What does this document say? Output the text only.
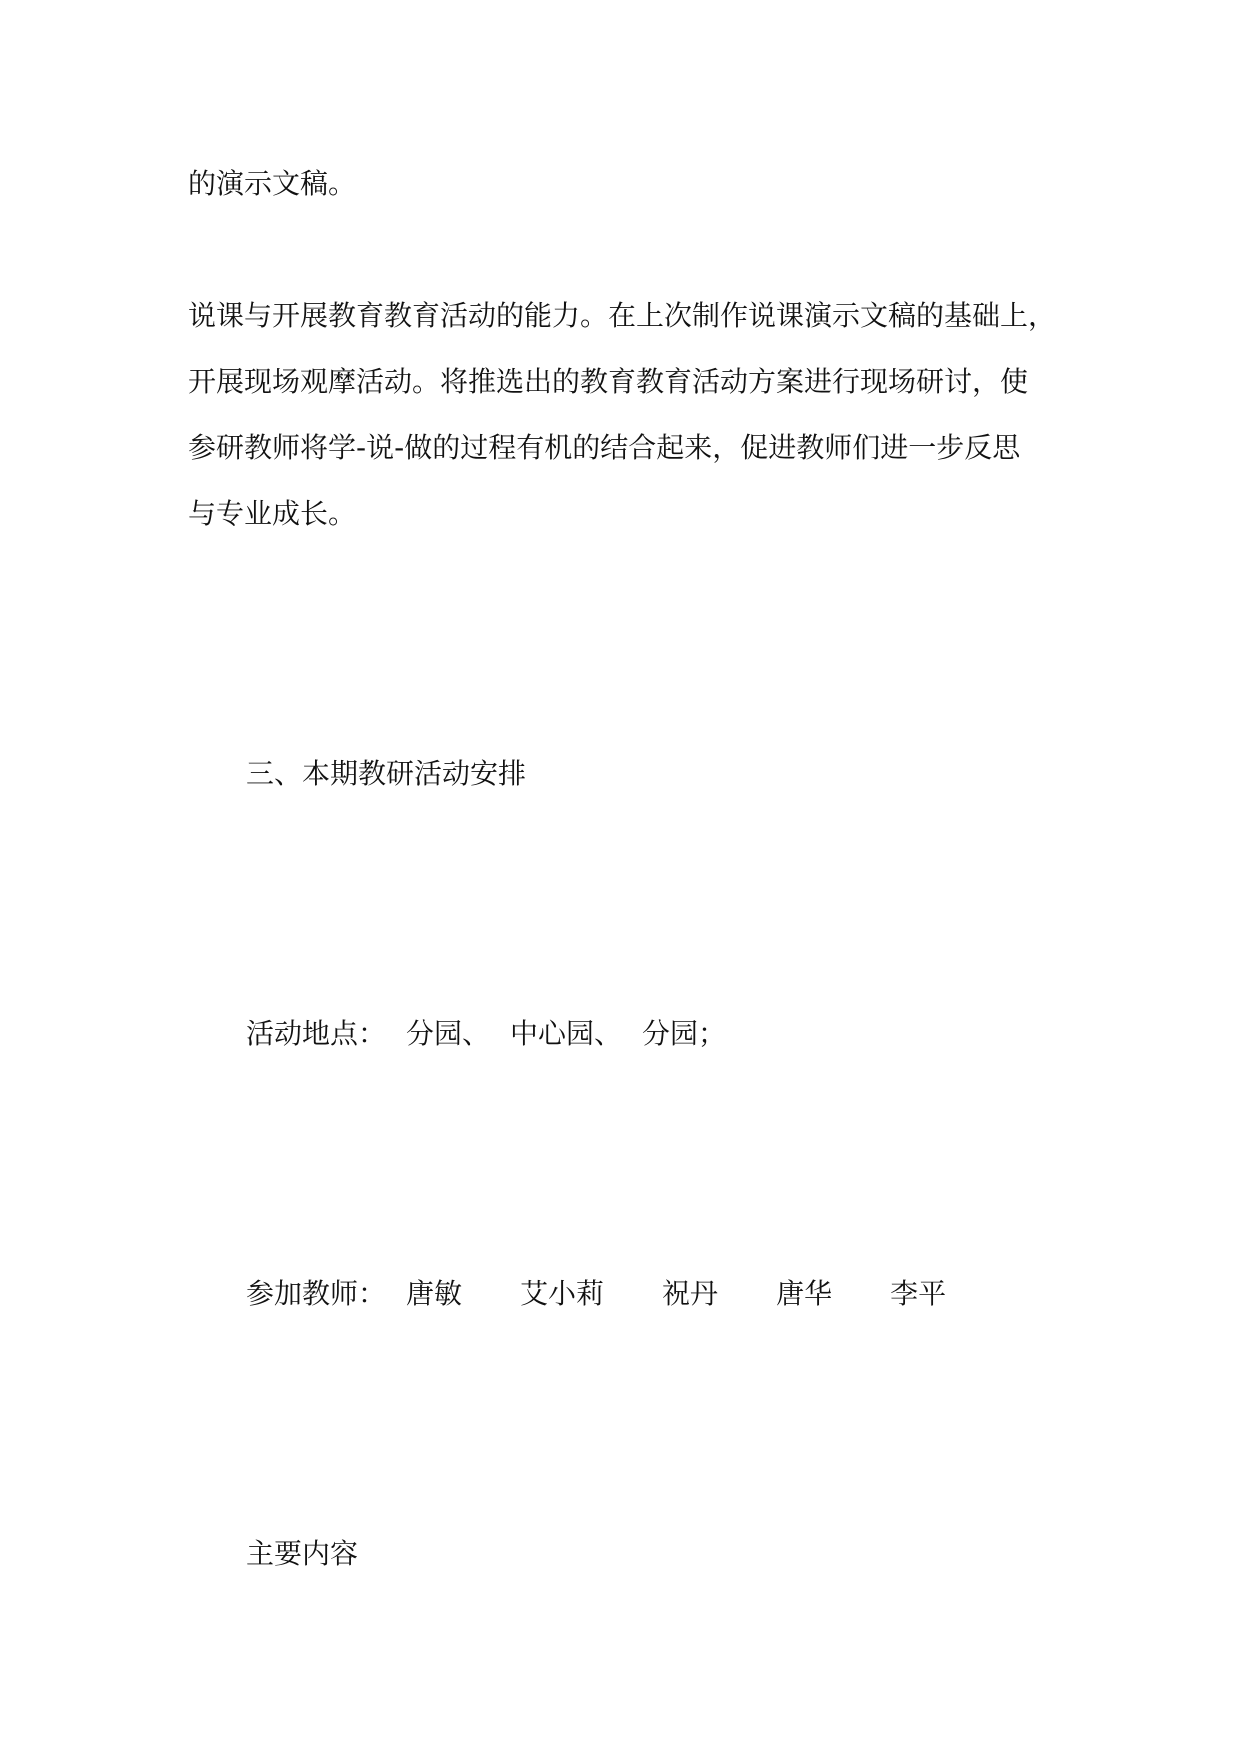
的演示文稿。
说课与开展教育教育活动的能力。在上次制作说课演示文稿的基础上，
开展现场观摩活动。将推选出的教育教育活动方案进行现场研讨，使
参研教师将学-说-做的过程有机的结合起来，促进教师们进一步反思
与专业成长。
三、本期教研活动安排
活动地点： 分园、 中心园、 分园；
参加教师： 唐敏 艾小莉 祝丹 唐华 李平
主要内容
